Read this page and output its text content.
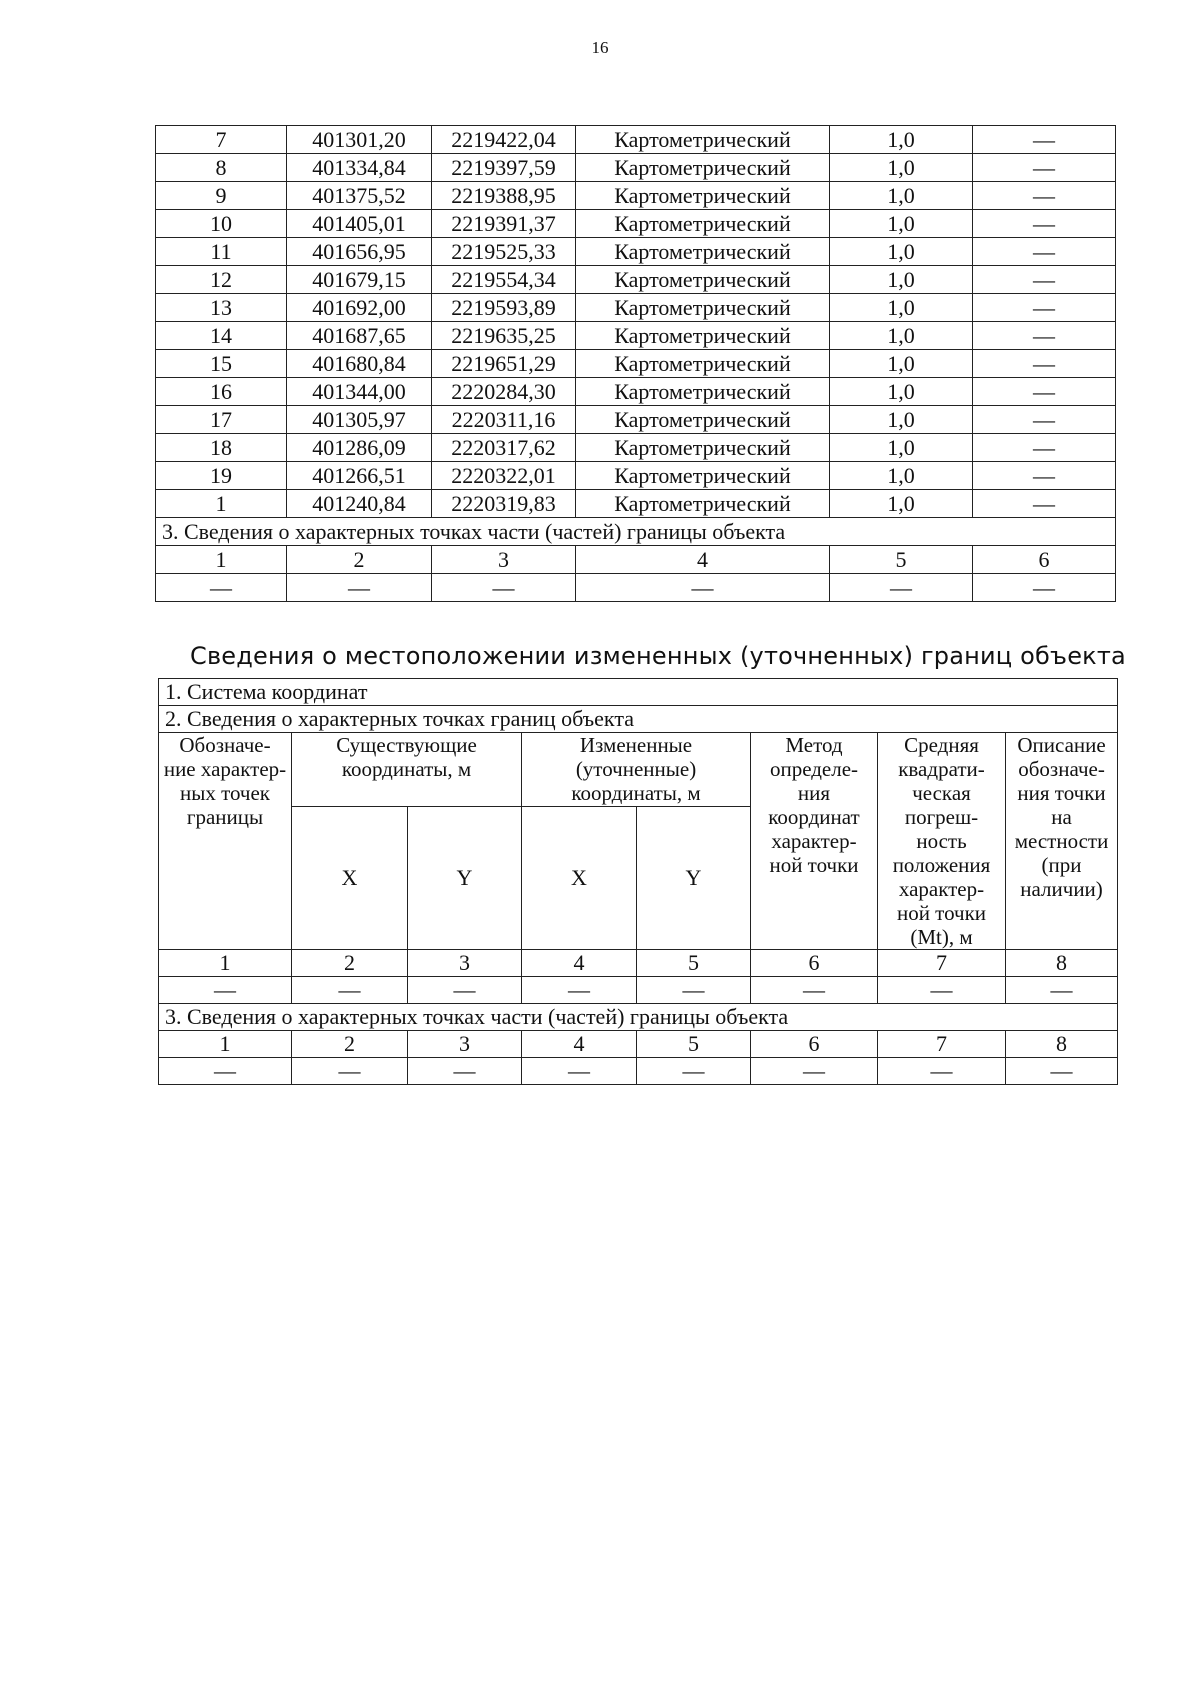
16
7	401301,20	2219422,04	Картометрический	1,0	—
8	401334,84	2219397,59	Картометрический	1,0	—
9	401375,52	2219388,95	Картометрический	1,0	—
10	401405,01	2219391,37	Картометрический	1,0	—
11	401656,95	2219525,33	Картометрический	1,0	—
12	401679,15	2219554,34	Картометрический	1,0	—
13	401692,00	2219593,89	Картометрический	1,0	—
14	401687,65	2219635,25	Картометрический	1,0	—
15	401680,84	2219651,29	Картометрический	1,0	—
16	401344,00	2220284,30	Картометрический	1,0	—
17	401305,97	2220311,16	Картометрический	1,0	—
18	401286,09	2220317,62	Картометрический	1,0	—
19	401266,51	2220322,01	Картометрический	1,0	—
1	401240,84	2220319,83	Картометрический	1,0	—
3. Сведения о характерных точках части (частей) границы объекта					
1	2	3	4	5	6
—	—	—	—	—	—
Сведения о местоположении измененных (уточненных) границ объекта
1. Система координат							
2. Сведения о характерных точках границ объекта							
Обозначе- ние характер- ных точек границы	Существующие координаты, м		Измененные (уточненные) координаты, м		Метод определе- ния координат характер- ной точки	Средняя квадрати- ческая погреш- ность положения характер- ной точки (Mt), м	Описание обозначе- ния точки на местности (при наличии)
	X	Y	X	Y			
1	2	3	4	5	6	7	8
—	—	—	—	—	—	—	—
3. Сведения о характерных точках части (частей) границы объекта							
1	2	3	4	5	6	7	8
—	—	—	—	—	—	—	—
